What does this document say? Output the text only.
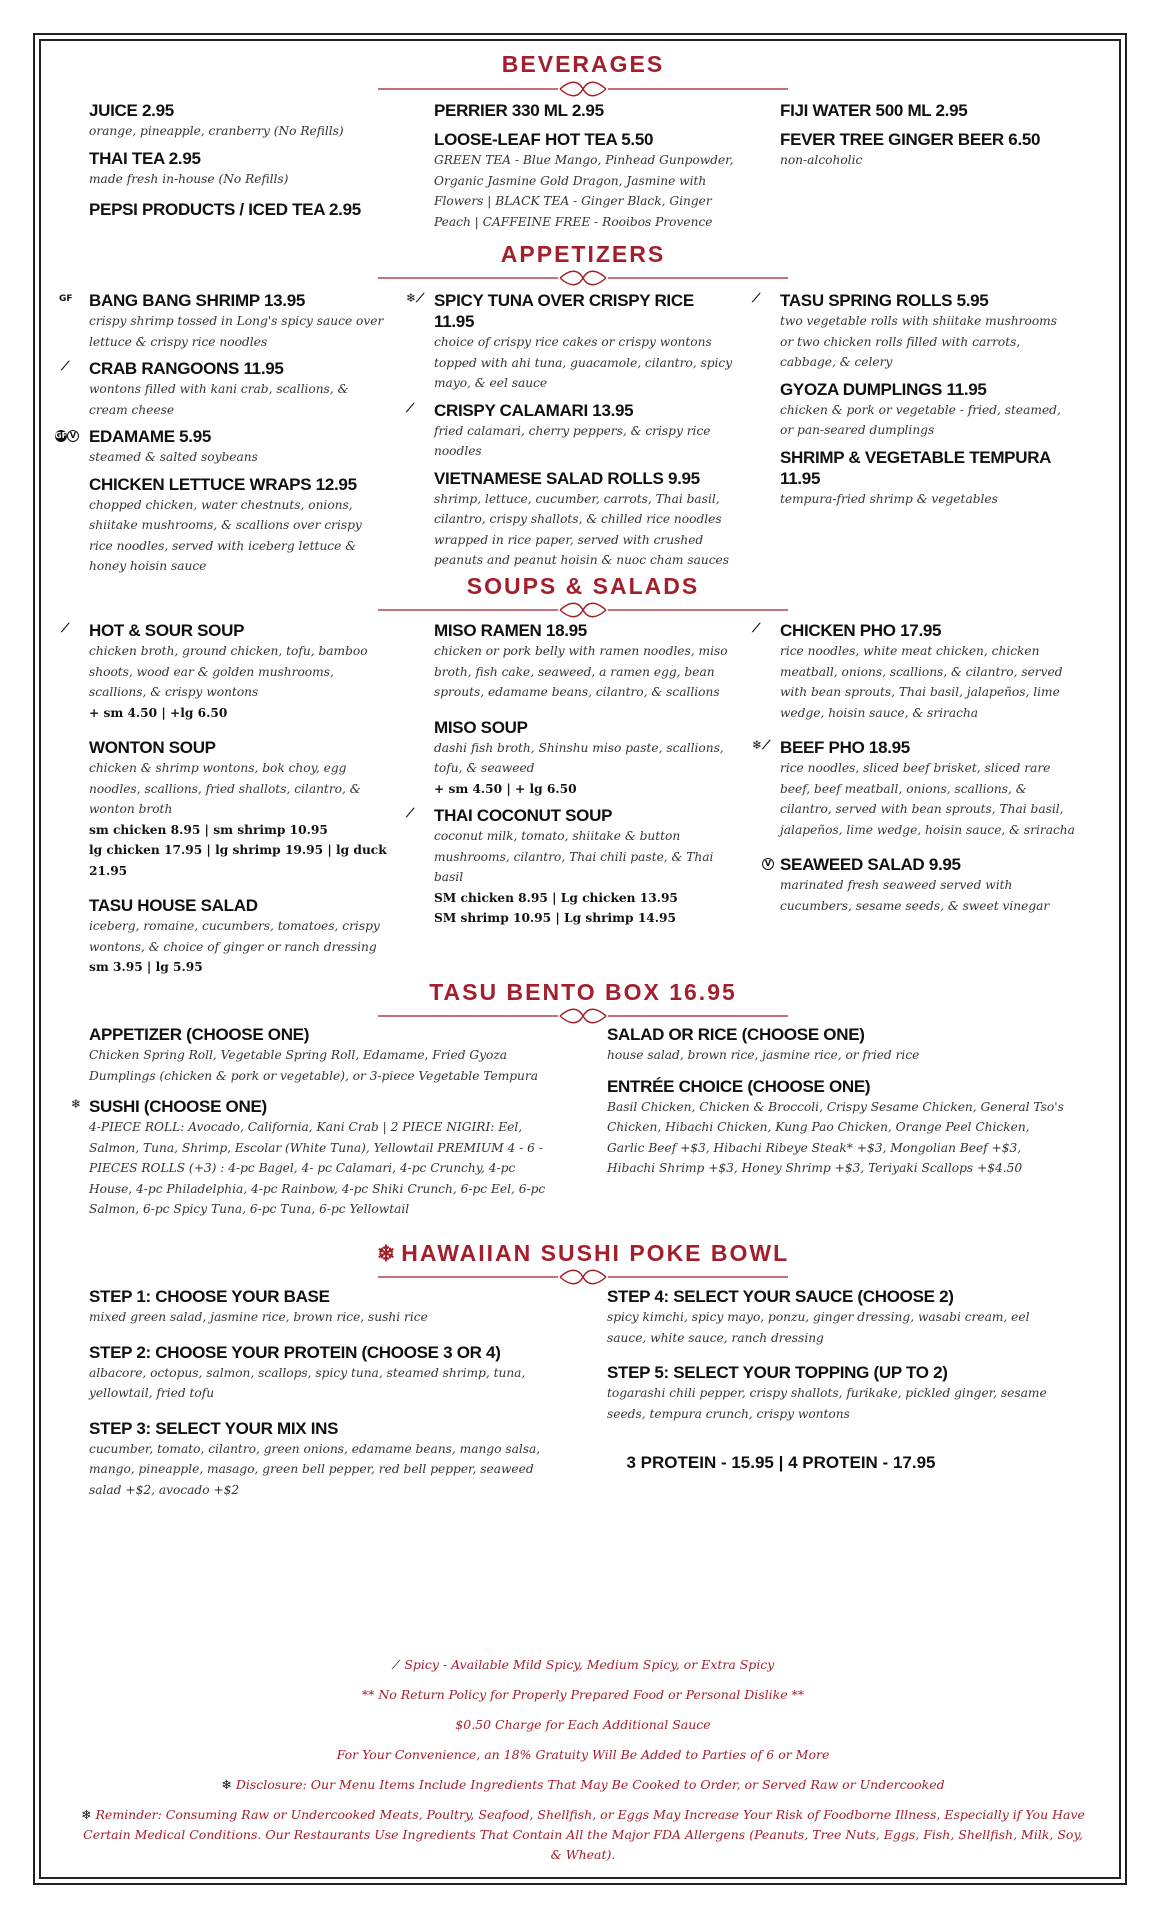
BEVERAGES
APPETIZERS
SOUPS & SALADS
TASU BENTO BOX 16.95
❄ HAWAIIAN SUSHI POKE BOWL
JUICE 2.95
orange, pineapple, cranberry (No Refills)
THAI TEA 2.95
made fresh in-house (No Refills)
PEPSI PRODUCTS / ICED TEA 2.95
PERRIER 330 ML 2.95
LOOSE-LEAF HOT TEA 5.50
GREEN TEA - Blue Mango, Pinhead Gunpowder, Organic Jasmine Gold Dragon, Jasmine with Flowers | BLACK TEA - Ginger Black, Ginger Peach | CAFFEINE FREE - Rooibos Provence
FIJI WATER 500 ML 2.95
FEVER TREE GINGER BEER 6.50
non-alcoholic
GF BANG BANG SHRIMP 13.95
crispy shrimp tossed in Long's spicy sauce over lettuce & crispy rice noodles
⟋ CRAB RANGOONS 11.95
wontons filled with kani crab, scallions, & cream cheese
GF V EDAMAME 5.95
steamed & salted soybeans
CHICKEN LETTUCE WRAPS 12.95
chopped chicken, water chestnuts, onions, shiitake mushrooms, & scallions over crispy rice noodles, served with iceberg lettuce & honey hoisin sauce
❄⟋ SPICY TUNA OVER CRISPY RICE 11.95
choice of crispy rice cakes or crispy wontons topped with ahi tuna, guacamole, cilantro, spicy mayo, & eel sauce
⟋ CRISPY CALAMARI 13.95
fried calamari, cherry peppers, & crispy rice noodles
VIETNAMESE SALAD ROLLS 9.95
shrimp, lettuce, cucumber, carrots, Thai basil, cilantro, crispy shallots, & chilled rice noodles wrapped in rice paper, served with crushed peanuts and peanut hoisin & nuoc cham sauces
⟋ TASU SPRING ROLLS 5.95
two vegetable rolls with shiitake mushrooms or two chicken rolls filled with carrots, cabbage, & celery
GYOZA DUMPLINGS 11.95
chicken & pork or vegetable - fried, steamed, or pan-seared dumplings
SHRIMP & VEGETABLE TEMPURA 11.95
tempura-fried shrimp & vegetables
⟋ HOT & SOUR SOUP
chicken broth, ground chicken, tofu, bamboo shoots, wood ear & golden mushrooms, scallions, & crispy wontons
+ sm 4.50 | +lg 6.50
WONTON SOUP
chicken & shrimp wontons, bok choy, egg noodles, scallions, fried shallots, cilantro, & wonton broth
sm chicken 8.95 | sm shrimp 10.95
lg chicken 17.95 | lg shrimp 19.95 | lg duck 21.95
TASU HOUSE SALAD
iceberg, romaine, cucumbers, tomatoes, crispy wontons, & choice of ginger or ranch dressing
sm 3.95 | lg 5.95
MISO RAMEN 18.95
chicken or pork belly with ramen noodles, miso broth, fish cake, seaweed, a ramen egg, bean sprouts, edamame beans, cilantro, & scallions
MISO SOUP
dashi fish broth, Shinshu miso paste, scallions, tofu, & seaweed
+ sm 4.50 | + lg 6.50
⟋ THAI COCONUT SOUP
coconut milk, tomato, shiitake & button mushrooms, cilantro, Thai chili paste, & Thai basil
SM chicken 8.95 | Lg chicken 13.95
SM shrimp 10.95 | Lg shrimp 14.95
⟋ CHICKEN PHO 17.95
rice noodles, white meat chicken, chicken meatball, onions, scallions, & cilantro, served with bean sprouts, Thai basil, jalapeños, lime wedge, hoisin sauce, & sriracha
❄⟋ BEEF PHO 18.95
rice noodles, sliced beef brisket, sliced rare beef, beef meatball, onions, scallions, & cilantro, served with bean sprouts, Thai basil, jalapeños, lime wedge, hoisin sauce, & sriracha
V SEAWEED SALAD 9.95
marinated fresh seaweed served with cucumbers, sesame seeds, & sweet vinegar
APPETIZER (CHOOSE ONE)
Chicken Spring Roll, Vegetable Spring Roll, Edamame, Fried Gyoza Dumplings (chicken & pork or vegetable), or 3-piece Vegetable Tempura
❄ SUSHI (CHOOSE ONE)
4-PIECE ROLL: Avocado, California, Kani Crab | 2 PIECE NIGIRI: Eel, Salmon, Tuna, Shrimp, Escolar (White Tuna), Yellowtail PREMIUM 4 - 6 - PIECES ROLLS (+3) : 4-pc Bagel, 4- pc Calamari, 4-pc Crunchy, 4-pc House, 4-pc Philadelphia, 4-pc Rainbow, 4-pc Shiki Crunch, 6-pc Eel, 6-pc Salmon, 6-pc Spicy Tuna, 6-pc Tuna, 6-pc Yellowtail
SALAD OR RICE (CHOOSE ONE)
house salad, brown rice, jasmine rice, or fried rice
ENTRÉE CHOICE (CHOOSE ONE)
Basil Chicken, Chicken & Broccoli, Crispy Sesame Chicken, General Tso's Chicken, Hibachi Chicken, Kung Pao Chicken, Orange Peel Chicken, Garlic Beef +$3, Hibachi Ribeye Steak* +$3, Mongolian Beef +$3, Hibachi Shrimp +$3, Honey Shrimp +$3, Teriyaki Scallops +$4.50
STEP 1: CHOOSE YOUR BASE
mixed green salad, jasmine rice, brown rice, sushi rice
STEP 2: CHOOSE YOUR PROTEIN (CHOOSE 3 OR 4)
albacore, octopus, salmon, scallops, spicy tuna, steamed shrimp, tuna, yellowtail, fried tofu
STEP 3: SELECT YOUR MIX INS
cucumber, tomato, cilantro, green onions, edamame beans, mango salsa, mango, pineapple, masago, green bell pepper, red bell pepper, seaweed salad +$2, avocado +$2
STEP 4: SELECT YOUR SAUCE (CHOOSE 2)
spicy kimchi, spicy mayo, ponzu, ginger dressing, wasabi cream, eel sauce, white sauce, ranch dressing
STEP 5: SELECT YOUR TOPPING (UP TO 2)
togarashi chili pepper, crispy shallots, furikake, pickled ginger, sesame seeds, tempura crunch, crispy wontons
3 PROTEIN - 15.95 | 4 PROTEIN - 17.95
⟋ Spicy - Available Mild Spicy, Medium Spicy, or Extra Spicy
** No Return Policy for Properly Prepared Food or Personal Dislike **
$0.50 Charge for Each Additional Sauce
For Your Convenience, an 18% Gratuity Will Be Added to Parties of 6 or More
❄ Disclosure: Our Menu Items Include Ingredients That May Be Cooked to Order, or Served Raw or Undercooked
❄ Reminder: Consuming Raw or Undercooked Meats, Poultry, Seafood, Shellfish, or Eggs May Increase Your Risk of Foodborne Illness, Especially if You Have Certain Medical Conditions. Our Restaurants Use Ingredients That Contain All the Major FDA Allergens (Peanuts, Tree Nuts, Eggs, Fish, Shellfish, Milk, Soy, & Wheat).
